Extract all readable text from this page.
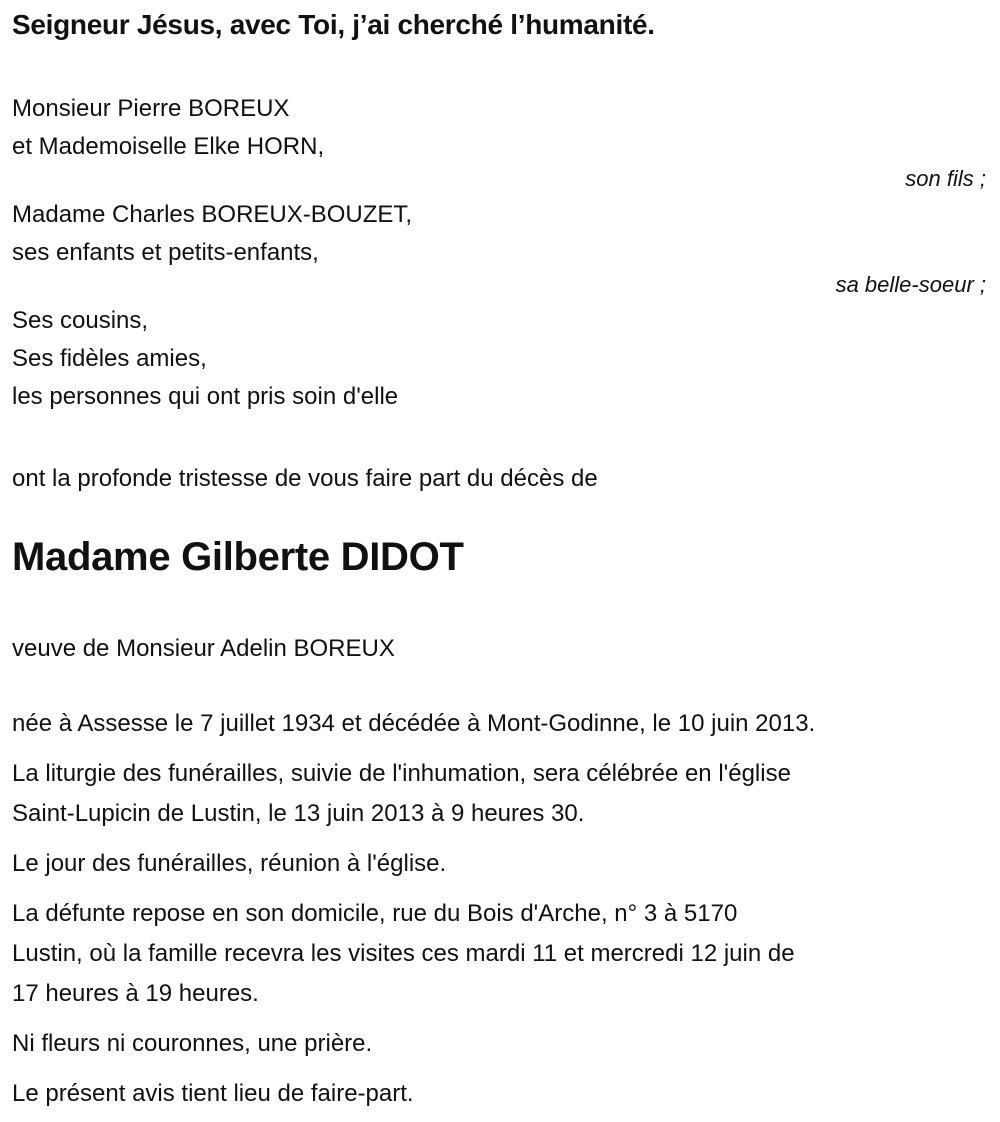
Seigneur Jésus, avec Toi, j’ai cherché l’humanité.

Monsieur Pierre BOREUX

et Mademoiselle Elke HORN,

son fils ;

Madame Charles BOREUX-BOUZET,

ses enfants et petits-enfants,

sa belle-soeur ;

Ses cousins,

Ses fidèles amies,

les personnes qui ont pris soin d'elle

ont la profonde tristesse de vous faire part du décès de

Madame Gilberte DIDOT

veuve de Monsieur Adelin BOREUX

née à Assesse le 7 juillet 1934 et décédée à Mont-Godinne, le 10 juin 2013.
La liturgie des funérailles, suivie de l'inhumation, sera célébrée en l'église
Saint-Lupicin de Lustin, le 13 juin 2013 à 9 heures 30.
Le jour des funérailles, réunion à l'église.
La défunte repose en son domicile, rue du Bois d'Arche, n° 3 à 5170
Lustin, où la famille recevra les visites ces mardi 11 et mercredi 12 juin de
17 heures à 19 heures.
Ni fleurs ni couronnes, une prière.
Le présent avis tient lieu de faire-part.
